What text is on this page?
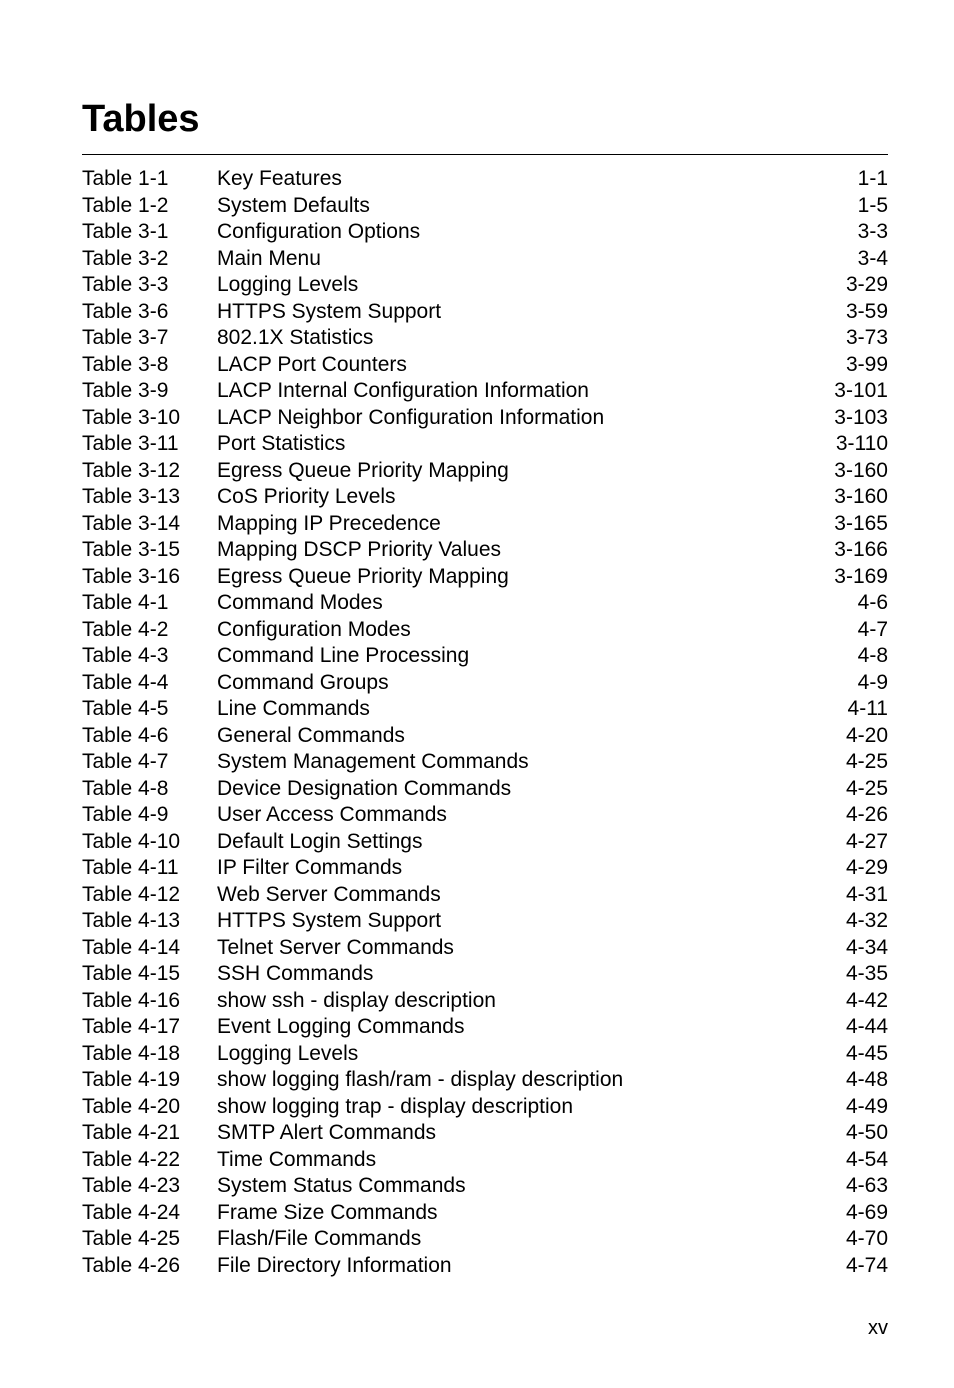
Tables
Table 1-1 Key Features	1-1
Table 1-2 System Defaults	1-5
Table 3-1 Configuration Options	3-3
Table 3-2 Main Menu	3-4
Table 3-3 Logging Levels	3-29
Table 3-6 HTTPS System Support	3-59
Table 3-7 802.1X Statistics	3-73
Table 3-8 LACP Port Counters	3-99
Table 3-9 LACP Internal Configuration Information	3-101
Table 3-10 LACP Neighbor Configuration Information	3-103
Table 3-11 Port Statistics	3-110
Table 3-12 Egress Queue Priority Mapping	3-160
Table 3-13 CoS Priority Levels	3-160
Table 3-14 Mapping IP Precedence	3-165
Table 3-15 Mapping DSCP Priority Values	3-166
Table 3-16 Egress Queue Priority Mapping	3-169
Table 4-1 Command Modes	4-6
Table 4-2 Configuration Modes	4-7
Table 4-3 Command Line Processing	4-8
Table 4-4 Command Groups	4-9
Table 4-5 Line Commands	4-11
Table 4-6 General Commands	4-20
Table 4-7 System Management Commands	4-25
Table 4-8 Device Designation Commands	4-25
Table 4-9 User Access Commands	4-26
Table 4-10 Default Login Settings	4-27
Table 4-11 IP Filter Commands	4-29
Table 4-12 Web Server Commands	4-31
Table 4-13 HTTPS System Support	4-32
Table 4-14 Telnet Server Commands	4-34
Table 4-15 SSH Commands	4-35
Table 4-16 show ssh - display description	4-42
Table 4-17 Event Logging Commands	4-44
Table 4-18 Logging Levels	4-45
Table 4-19 show logging flash/ram - display description	4-48
Table 4-20 show logging trap - display description	4-49
Table 4-21 SMTP Alert Commands	4-50
Table 4-22 Time Commands	4-54
Table 4-23 System Status Commands	4-63
Table 4-24 Frame Size Commands	4-69
Table 4-25 Flash/File Commands	4-70
Table 4-26 File Directory Information	4-74
xv
